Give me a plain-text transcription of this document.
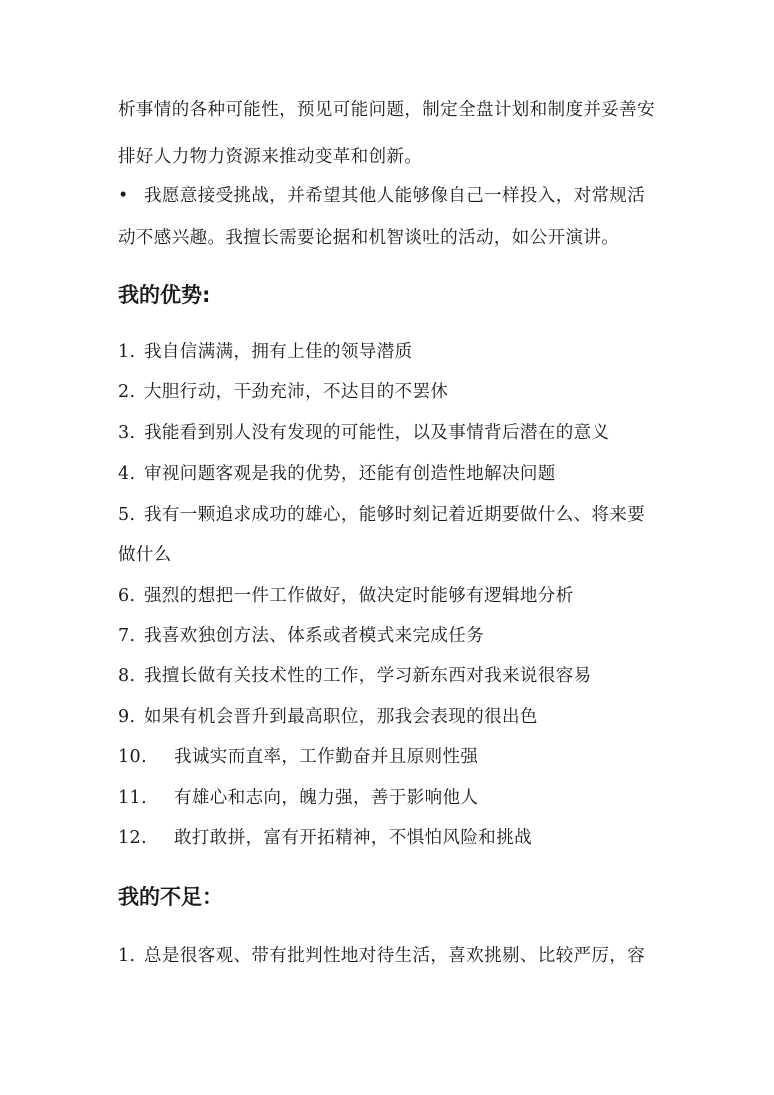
析事情的各种可能性，预见可能问题，制定全盘计划和制度并妥善安
排好人力物力资源来推动变革和创新。
• 我愿意接受挑战，并希望其他人能够像自己一样投入，对常规活
动不感兴趣。我擅长需要论据和机智谈吐的活动，如公开演讲。
我的优势:
1. 我自信满满，拥有上佳的领导潜质
2. 大胆行动，干劲充沛，不达目的不罢休
3. 我能看到别人没有发现的可能性，以及事情背后潜在的意义
4. 审视问题客观是我的优势，还能有创造性地解决问题
5. 我有一颗追求成功的雄心，能够时刻记着近期要做什么、将来要
做什么
6. 强烈的想把一件工作做好，做决定时能够有逻辑地分析
7. 我喜欢独创方法、体系或者模式来完成任务
8. 我擅长做有关技术性的工作，学习新东西对我来说很容易
9. 如果有机会晋升到最高职位，那我会表现的很出色
10. 我诚实而直率，工作勤奋并且原则性强
11. 有雄心和志向，魄力强，善于影响他人
12. 敢打敢拼，富有开拓精神，不惧怕风险和挑战
我的不足：
1. 总是很客观、带有批判性地对待生活，喜欢挑剔、比较严厉，容
